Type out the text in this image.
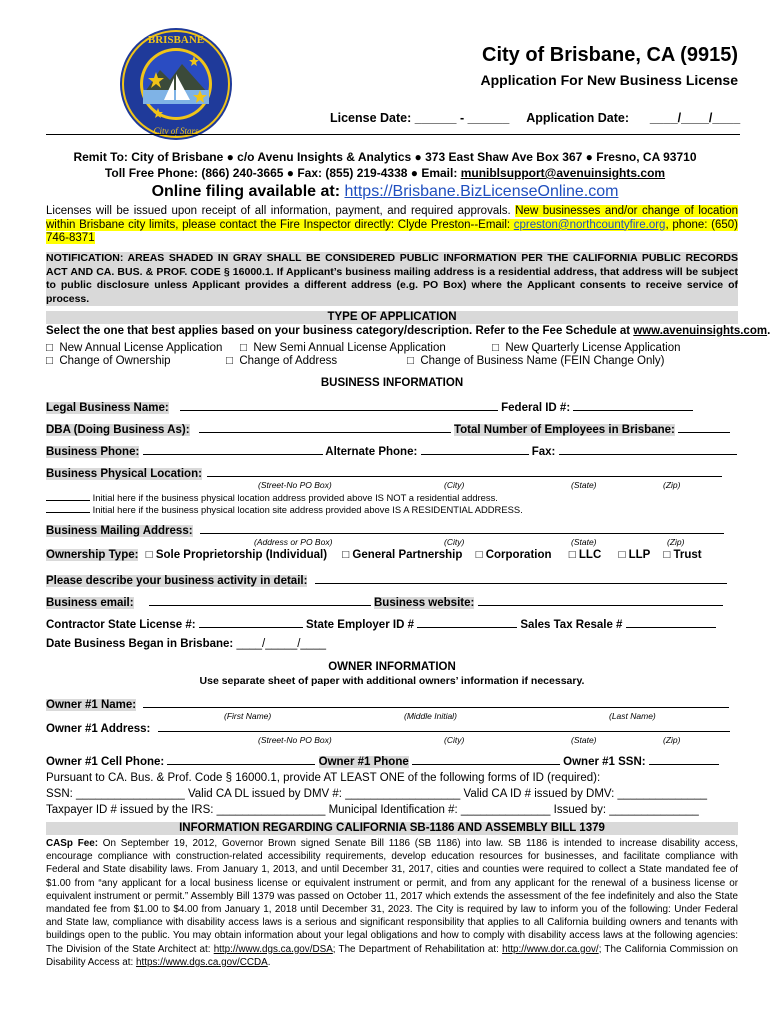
BRISBANE
City of Stars
City of Brisbane, CA (9915)
Application For New Business License
License Date: ______ - ______ Application Date: ____/____/____
Remit To: City of Brisbane ● c/o Avenu Insights & Analytics ● 373 East Shaw Ave Box 367 ● Fresno, CA 93710
Toll Free Phone: (866) 240-3665 ● Fax: (855) 219-4338 ● Email: muniblsupport@avenuinsights.com
Online filing available at: https://Brisbane.BizLicenseOnline.com
Licenses will be issued upon receipt of all information, payment, and required approvals. New businesses and/or change of location within Brisbane city limits, please contact the Fire Inspector directly: Clyde Preston--Email: cpreston@northcountyfire.org, phone: (650) 746-8371
NOTIFICATION: AREAS SHADED IN GRAY SHALL BE CONSIDERED PUBLIC INFORMATION PER THE CALIFORNIA PUBLIC RECORDS ACT AND CA. BUS. & PROF. CODE § 16000.1. If Applicant’s business mailing address is a residential address, that address will be subject to public disclosure unless Applicant provides a different address (e.g. PO Box) where the Applicant consents to receive service of process.
TYPE OF APPLICATION
Select the one that best applies based on your business category/description. Refer to the Fee Schedule at www.avenuinsights.com.
□  New Annual License Application □  New Semi Annual License Application	□  New Quarterly License Application
□  Change of Ownership	□  Change of Address	□  Change of Business Name (FEIN Change Only)
BUSINESS INFORMATION
Legal Business Name:	Federal ID #:
DBA (Doing Business As):	Total Number of Employees in Brisbane:
Business Phone:	Alternate Phone:	Fax:
Business Physical Location:
(Street-No PO Box)	(City)	(State)	(Zip)
Initial here if the business physical location address provided above IS NOT a residential address.
Initial here if the business physical location site address provided above IS A RESIDENTIAL ADDRESS.
Business Mailing Address:
(Address or PO Box)	(City)	(State)	(Zip)
Ownership Type: □ Sole Proprietorship (Individual) □ General Partnership □ Corporation □ LLC □ LLP □ Trust
Please describe your business activity in detail:
Business email:	Business website:
Contractor State License #:	State Employer ID #	Sales Tax Resale #
Date Business Began in Brisbane: ____/_____/____
OWNER INFORMATION
Use separate sheet of paper with additional owners’ information if necessary.
Owner #1 Name:
(First Name)	(Middle Initial)	(Last Name)
Owner #1 Address:
(Street-No PO Box)	(City)	(State)	(Zip)
Owner #1 Cell Phone:	Owner #1 Phone	Owner #1 SSN:
Pursuant to CA. Bus. & Prof. Code § 16000.1, provide AT LEAST ONE of the following forms of ID (required):
SSN: _________________ Valid CA DL issued by DMV #: __________________ Valid CA ID # issued by DMV: ______________
Taxpayer ID # issued by the IRS: _________________ Municipal Identification #: ______________ Issued by: ______________
INFORMATION REGARDING CALIFORNIA SB-1186 AND ASSEMBLY BILL 1379
CASp Fee: On September 19, 2012, Governor Brown signed Senate Bill 1186 (SB 1186) into law. SB 1186 is intended to increase disability access, encourage compliance with construction-related accessibility requirements, develop education resources for businesses, and facilitate compliance with Federal and State disability laws. From January 1, 2013, and until December 31, 2017, cities and counties were required to collect a State mandated fee of $1.00 from “any applicant for a local business license or equivalent instrument or permit, and from any applicant for the renewal of a business license or equivalent instrument or permit.” Assembly Bill 1379 was passed on October 11, 2017 which extends the assessment of the fee indefinitely and also the State mandated fee from $1.00 to $4.00 from January 1, 2018 until December 31, 2023. The City is required by law to inform you of the following: Under Federal and State law, compliance with disability access laws is a serious and significant responsibility that applies to all California building owners and tenants with buildings open to the public. You may obtain information about your legal obligations and how to comply with disability access laws at the following agencies: The Division of the State Architect at: http://www.dgs.ca.gov/DSA; The Department of Rehabilitation at: http://www.dor.ca.gov/; The California Commission on Disability Access at: https://www.dgs.ca.gov/CCDA.
